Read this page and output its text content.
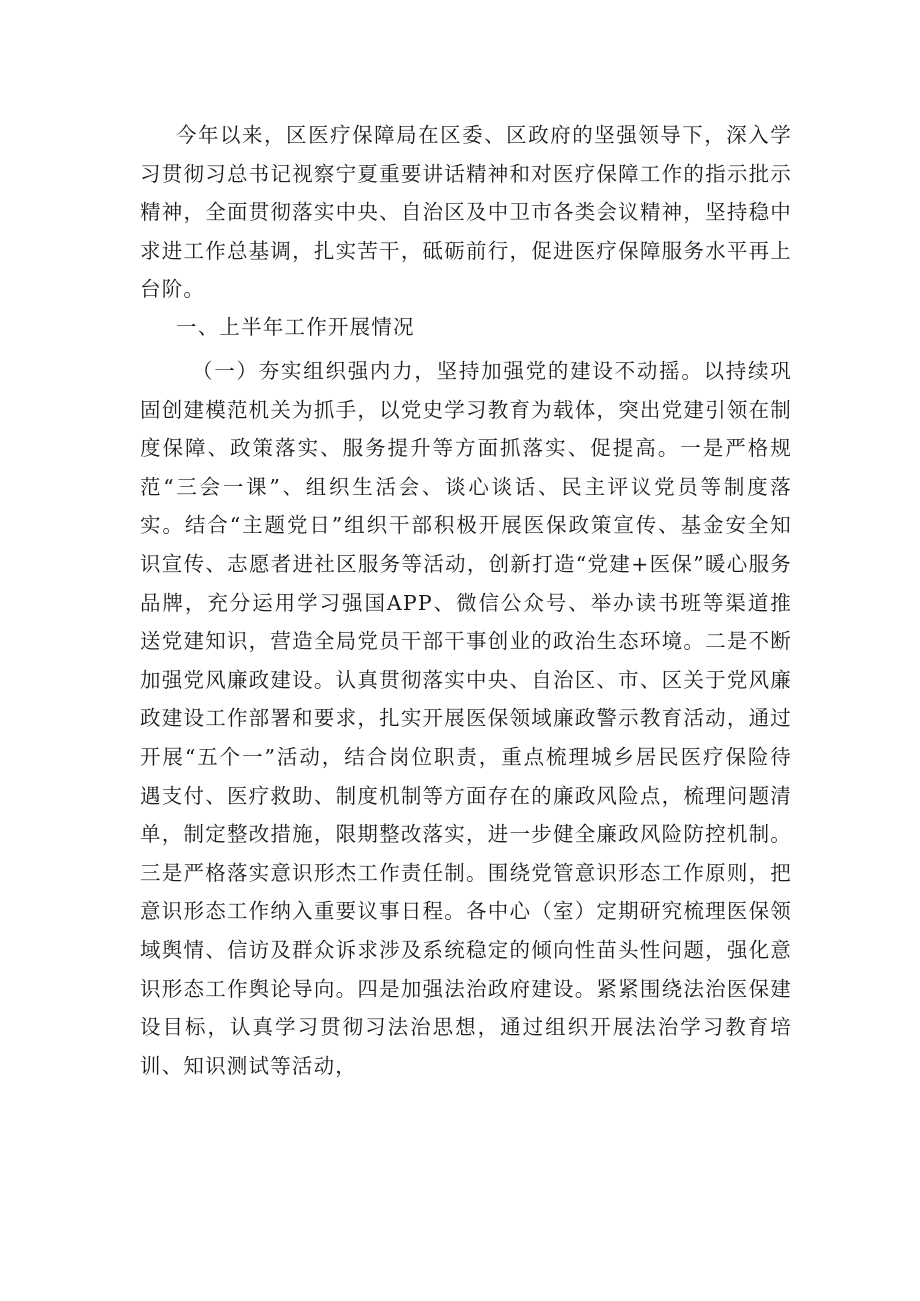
今年以来，区医疗保障局在区委、区政府的坚强领导下，深入学习贯彻习总书记视察宁夏重要讲话精神和对医疗保障工作的指示批示精神，全面贯彻落实中央、自治区及中卫市各类会议精神，坚持稳中求进工作总基调，扎实苦干，砥砺前行，促进医疗保障服务水平再上台阶。

一、上半年工作开展情况

（一）夯实组织强内力，坚持加强党的建设不动摇。以持续巩固创建模范机关为抓手，以党史学习教育为载体，突出党建引领在制度保障、政策落实、服务提升等方面抓落实、促提高。一是严格规范“三会一课”、组织生活会、谈心谈话、民主评议党员等制度落实。结合“主题党日”组织干部积极开展医保政策宣传、基金安全知识宣传、志愿者进社区服务等活动，创新打造“党建+医保”暖心服务品牌，充分运用学习强国APP、微信公众号、举办读书班等渠道推送党建知识，营造全局党员干部干事创业的政治生态环境。二是不断加强党风廉政建设。认真贯彻落实中央、自治区、市、区关于党风廉政建设工作部署和要求，扎实开展医保领域廉政警示教育活动，通过开展“五个一”活动，结合岗位职责，重点梳理城乡居民医疗保险待遇支付、医疗救助、制度机制等方面存在的廉政风险点，梳理问题清单，制定整改措施，限期整改落实，进一步健全廉政风险防控机制。三是严格落实意识形杰工作责任制。围绕党管意识形态工作原则，把意识形态工作纳入重要议事日程。各中心（室）定期研究梳理医保领域舆情、信访及群众诉求涉及系统稳定的倾向性苗头性问题，强化意识形态工作舆论导向。四是加强法治政府建设。紧紧围绕法治医保建设目标，认真学习贯彻习法治思想，通过组织开展法治学习教育培训、知识测试等活动，
